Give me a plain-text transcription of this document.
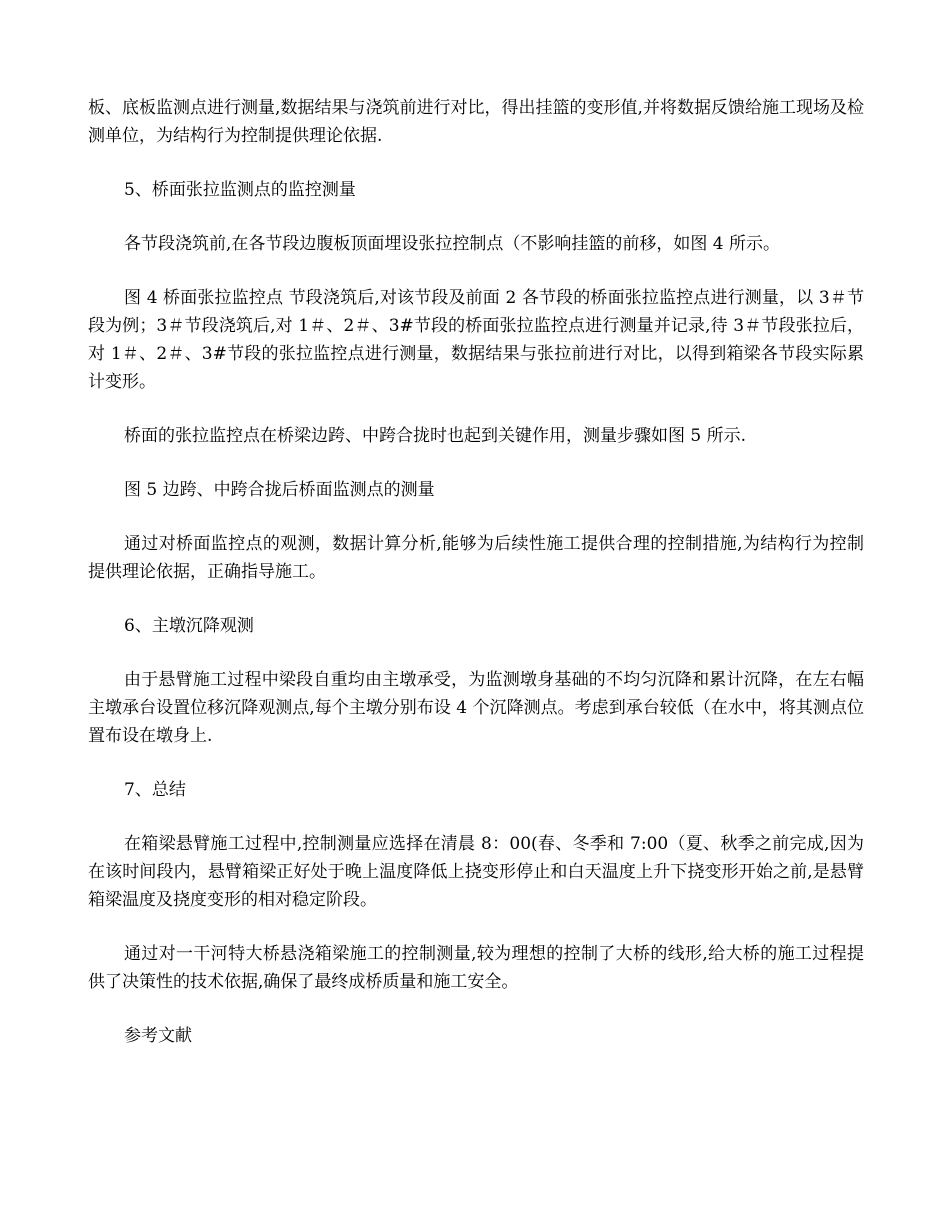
板、底板监测点进行测量,数据结果与浇筑前进行对比，得出挂篮的变形值,并将数据反馈给施工现场及检测单位，为结构行为控制提供理论依据.

5、桥面张拉监测点的监控测量

各节段浇筑前,在各节段边腹板顶面埋设张拉控制点（不影响挂篮的前移，如图 4 所示。

图 4 桥面张拉监控点 节段浇筑后,对该节段及前面 2 各节段的桥面张拉监控点进行测量，以 3＃节段为例；3＃节段浇筑后,对 1＃、2＃、3#节段的桥面张拉监控点进行测量并记录,待 3＃节段张拉后，对 1＃、2＃、3#节段的张拉监控点进行测量，数据结果与张拉前进行对比，以得到箱梁各节段实际累计变形。

桥面的张拉监控点在桥梁边跨、中跨合拢时也起到关键作用，测量步骤如图 5 所示.

图 5 边跨、中跨合拢后桥面监测点的测量

通过对桥面监控点的观测，数据计算分析,能够为后续性施工提供合理的控制措施,为结构行为控制提供理论依据，正确指导施工。

6、主墩沉降观测

由于悬臂施工过程中梁段自重均由主墩承受，为监测墩身基础的不均匀沉降和累计沉降，在左右幅主墩承台设置位移沉降观测点,每个主墩分别布设 4 个沉降测点。考虑到承台较低（在水中，将其测点位置布设在墩身上.

7、总结

在箱梁悬臂施工过程中,控制测量应选择在清晨 8：00(春、冬季和 7:00（夏、秋季之前完成,因为在该时间段内，悬臂箱梁正好处于晚上温度降低上挠变形停止和白天温度上升下挠变形开始之前,是悬臂箱梁温度及挠度变形的相对稳定阶段。

通过对一干河特大桥悬浇箱梁施工的控制测量,较为理想的控制了大桥的线形,给大桥的施工过程提供了决策性的技术依据,确保了最终成桥质量和施工安全。

参考文献
